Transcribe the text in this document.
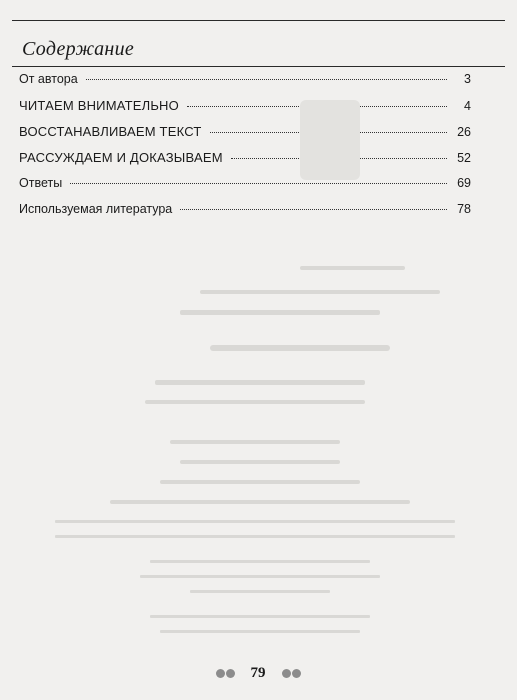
Содержание
От автора	3
ЧИТАЕМ ВНИМАТЕЛЬНО	4
ВОССТАНАВЛИВАЕМ ТЕКСТ	26
РАССУЖДАЕМ И ДОКАЗЫВАЕМ	52
Ответы	69
Используемая литература	78
79
